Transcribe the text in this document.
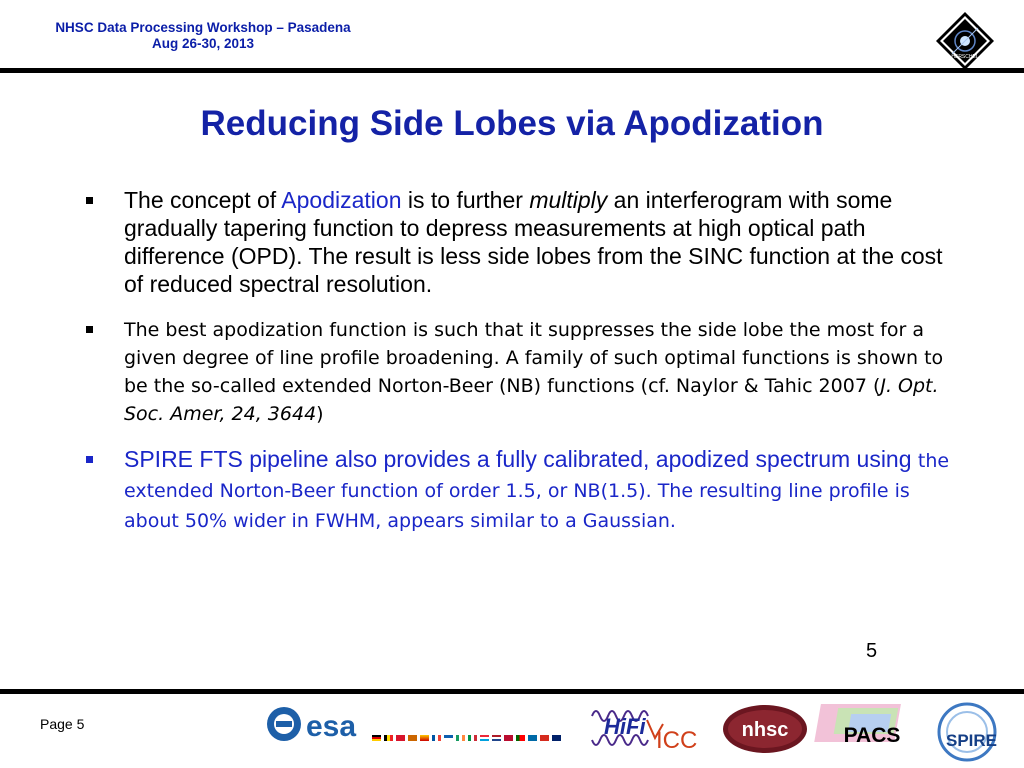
NHSC Data Processing Workshop – Pasadena
Aug 26-30, 2013
HERSCHEL
Reducing Side Lobes via Apodization
The concept of Apodization is to further multiply an interferogram with some gradually tapering function to depress measurements at high optical path difference (OPD). The result is less side lobes from the SINC function at the cost of reduced spectral resolution.
The best apodization function is such that it suppresses the side lobe the most for a given degree of line profile broadening. A family of such optimal functions is shown to be the so-called extended Norton-Beer (NB) functions (cf. Naylor & Tahic 2007 (J. Opt. Soc. Amer, 24, 3644)
SPIRE FTS pipeline also provides a fully calibrated, apodized spectrum using the extended Norton-Beer function of order 1.5, or NB(1.5). The resulting line profile is about 50% wider in FWHM, appears similar to a Gaussian.
5
Page 5	esa	HiFi
ICC nhsc	SPIRE
PACS
